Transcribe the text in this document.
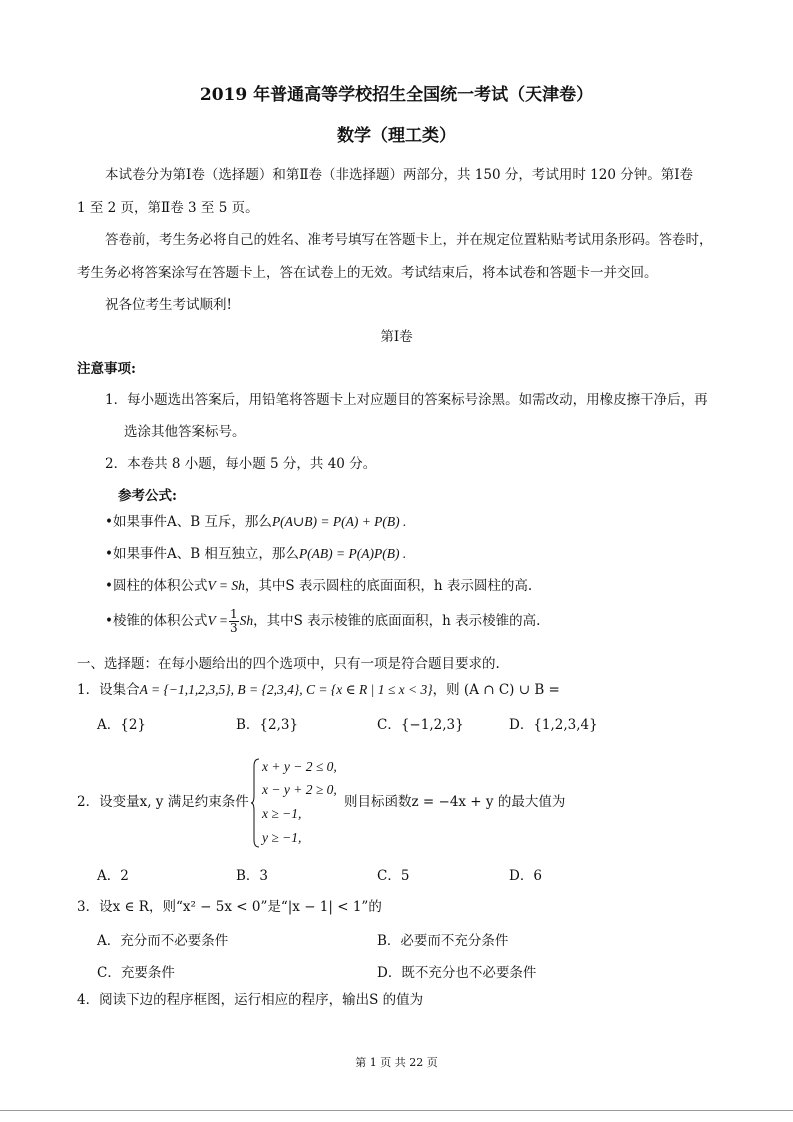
2019 年普通高等学校招生全国统一考试（天津卷）
数学（理工类）
本试卷分为第Ⅰ卷（选择题）和第Ⅱ卷（非选择题）两部分，共 150 分，考试用时 120 分钟。第Ⅰ卷
1 至 2 页，第Ⅱ卷 3 至 5 页。
答卷前，考生务必将自己的姓名、准考号填写在答题卡上，并在规定位置粘贴考试用条形码。答卷时，
考生务必将答案涂写在答题卡上，答在试卷上的无效。考试结束后，将本试卷和答题卡一并交回。
祝各位考生考试顺利!
第Ⅰ卷
注意事项:
1．每小题选出答案后，用铅笔将答题卡上对应题目的答案标号涂黑。如需改动，用橡皮擦干净后，再
选涂其他答案标号。
2．本卷共 8 小题，每小题 5 分，共 40 分。
参考公式:
•如果事件A、B 互斥，那么P(A∪B) = P(A) + P(B) .
•如果事件A、B 相互独立，那么P(AB) = P(A)P(B) .
•圆柱的体积公式V = Sh，其中S 表示圆柱的底面面积，h 表示圆柱的高.
•棱锥的体积公式$V = \frac{1}{3}$ Sh，其中S 表示棱锥的底面面积，h 表示棱锥的高.
一、选择题：在每小题给出的四个选项中，只有一项是符合题目要求的.
1．设集合A = {−1,1,2,3,5}, B = {2,3,4}, C = {x ∈ R | 1 ≤ x < 3}，则 (A ∩ C) ∪ B =
A．{2}	B．{2,3}	C．{−1,2,3}	D．{1,2,3,4}
2．设变量x, y 满足约束条件
x + y − 2 ≤ 0,
x − y + 2 ≥ 0,
x ≥ −1,
y ≥ −1,
则目标函数z = −4x + y 的最大值为
A．2	B．3	C．5	D．6
3．设x ∈ R，则“x² − 5x < 0”是“|x − 1| < 1”的
A．充分而不必要条件	B．必要而不充分条件
C．充要条件	D．既不充分也不必要条件
4．阅读下边的程序框图，运行相应的程序，输出S 的值为
第 1 页 共 22 页
